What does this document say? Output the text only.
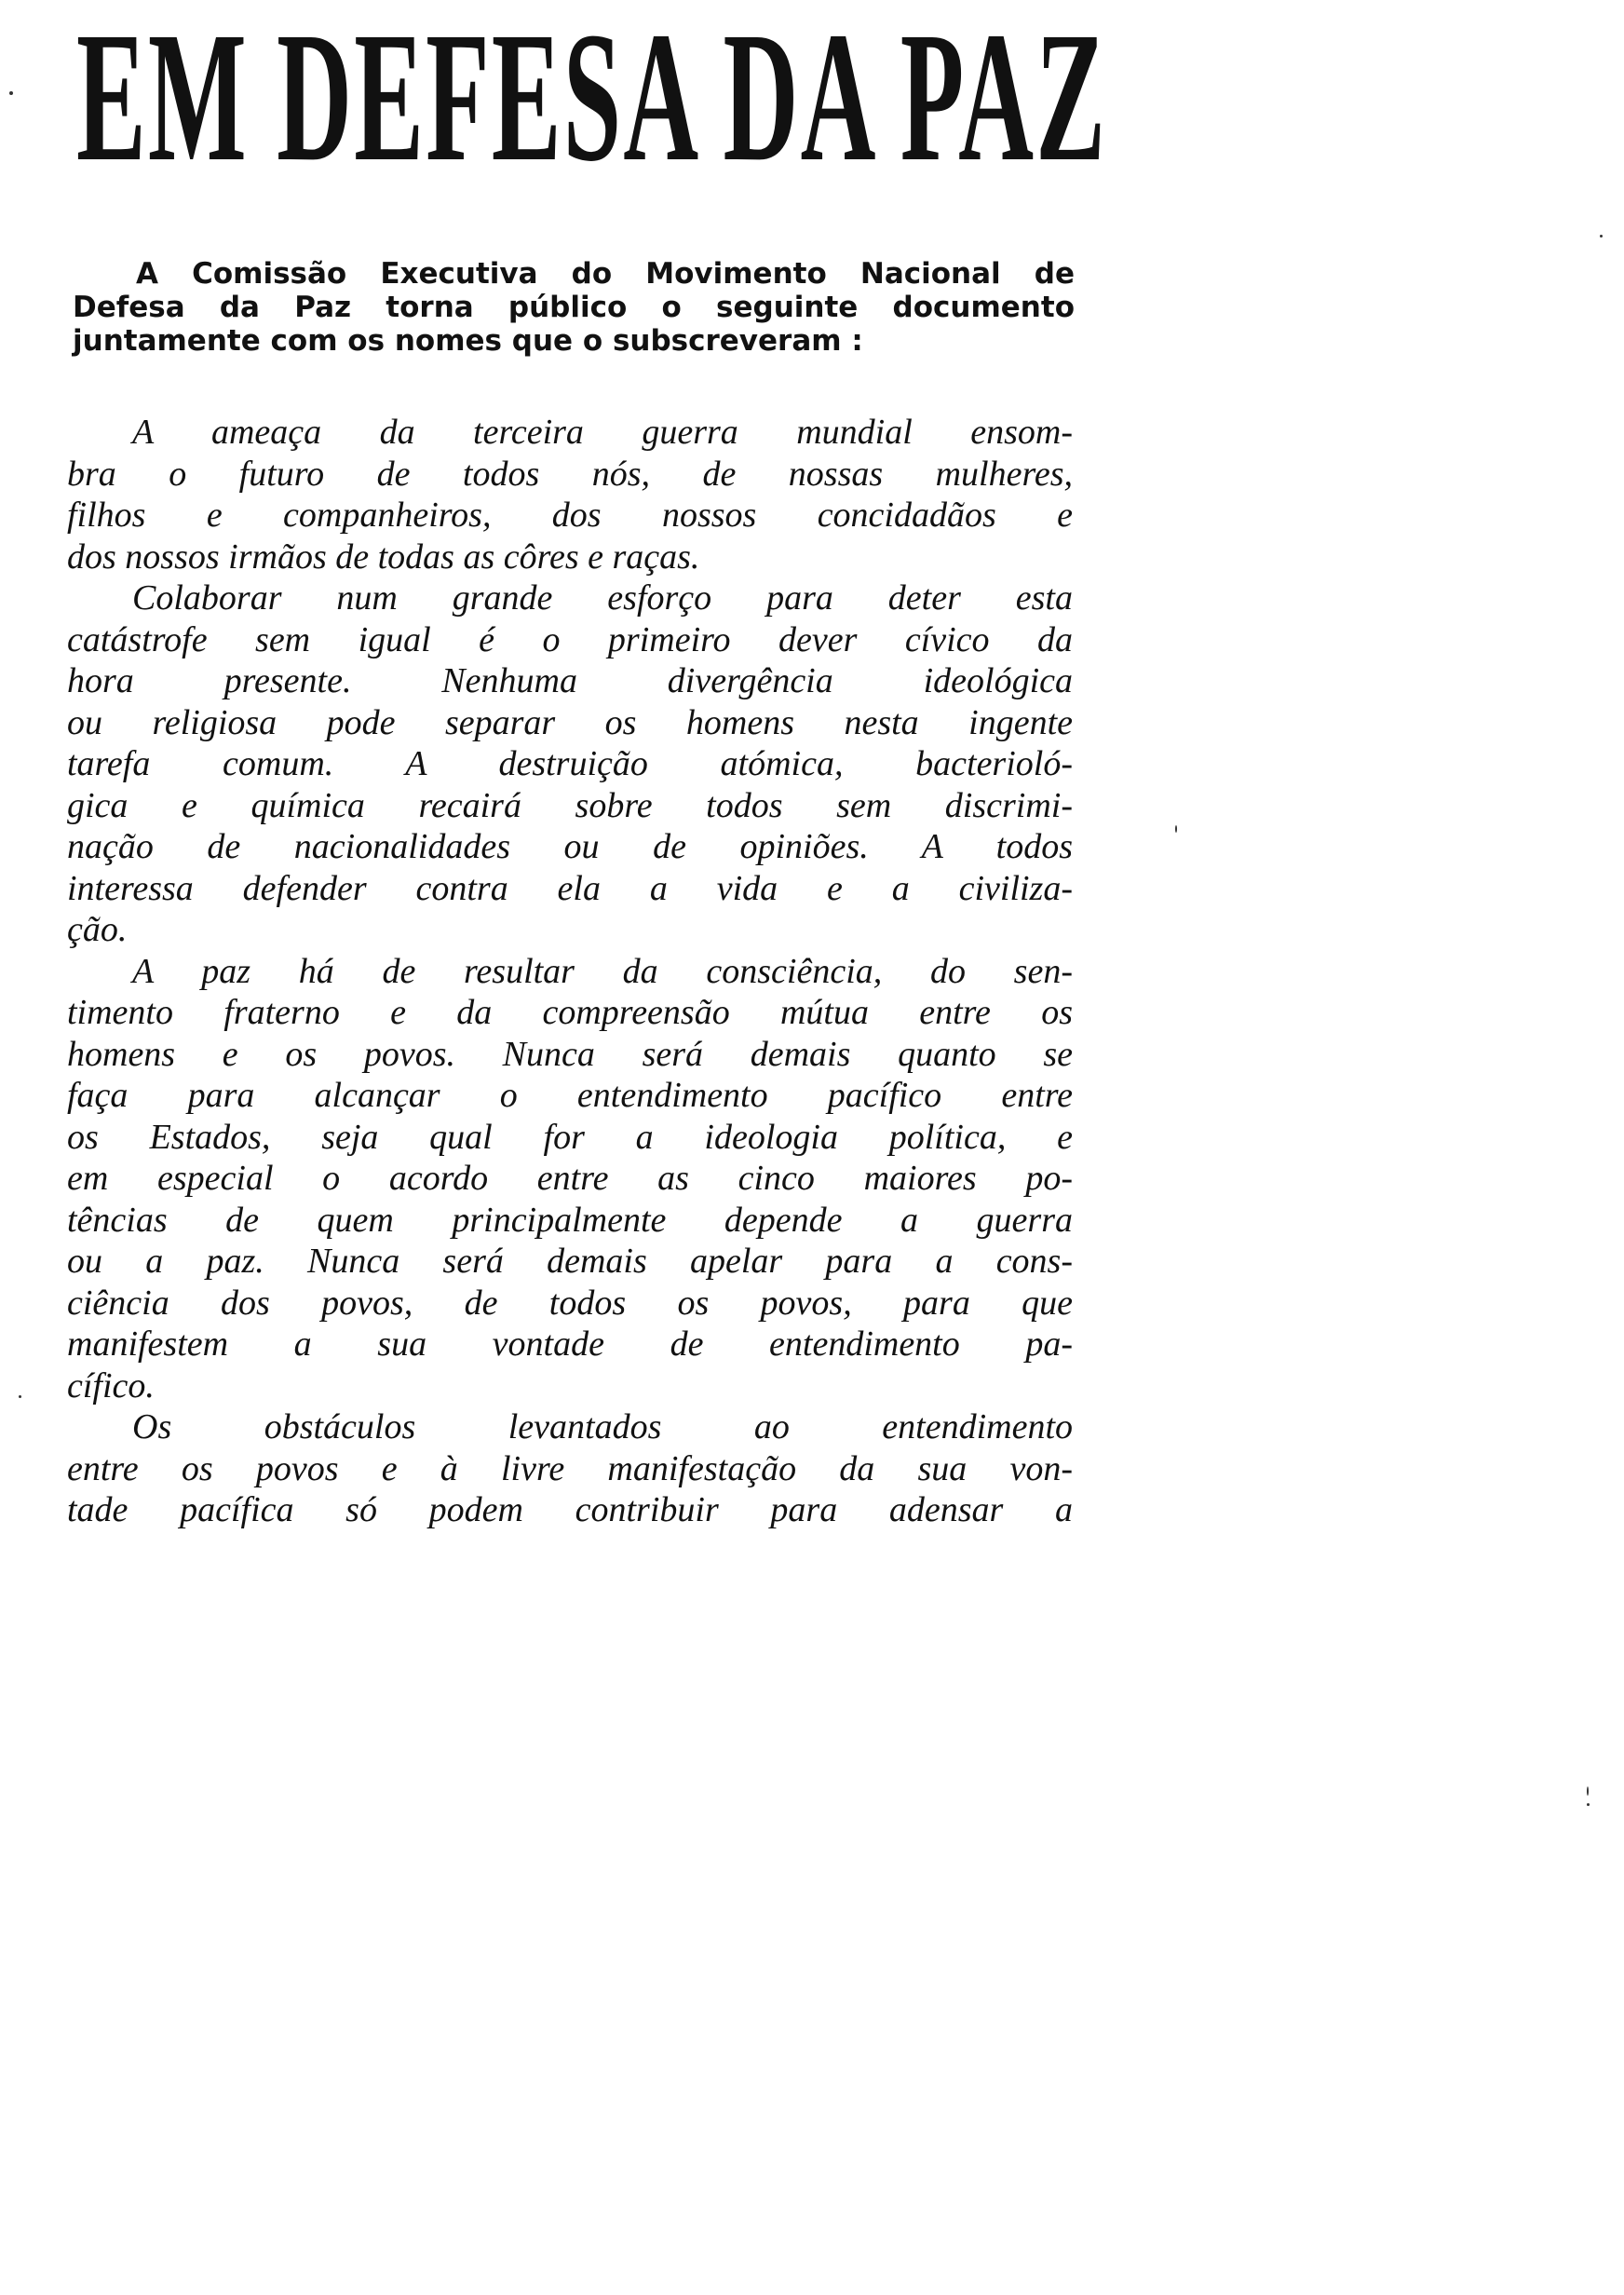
EM DEFESA DA PAZ

A Comissão Executiva do Movimento Nacional de
Defesa da Paz torna público o seguinte documento
juntamente com os nomes que o subscreveram :

A ameaça da terceira guerra mundial ensom-
bra o futuro de todos nós, de nossas mulheres,
filhos e companheiros, dos nossos concidadãos e
dos nossos irmãos de todas as côres e raças.
Colaborar num grande esforço para deter esta
catástrofe sem igual é o primeiro dever cívico da
hora presente. Nenhuma divergência ideológica
ou religiosa pode separar os homens nesta ingente
tarefa comum. A destruição atómica, bacterioló-
gica e química recairá sobre todos sem discrimi-
nação de nacionalidades ou de opiniões. A todos
interessa defender contra ela a vida e a civiliza-
ção.
A paz há de resultar da consciência, do sen-
timento fraterno e da compreensão mútua entre os
homens e os povos. Nunca será demais quanto se
faça para alcançar o entendimento pacífico entre
os Estados, seja qual for a ideologia política, e
em especial o acordo entre as cinco maiores po-
tências de quem principalmente depende a guerra
ou a paz. Nunca será demais apelar para a cons-
ciência dos povos, de todos os povos, para que
manifestem a sua vontade de entendimento pa-
cífico.
Os obstáculos levantados ao entendimento
entre os povos e à livre manifestação da sua von-
tade pacífica só podem contribuir para adensar a
